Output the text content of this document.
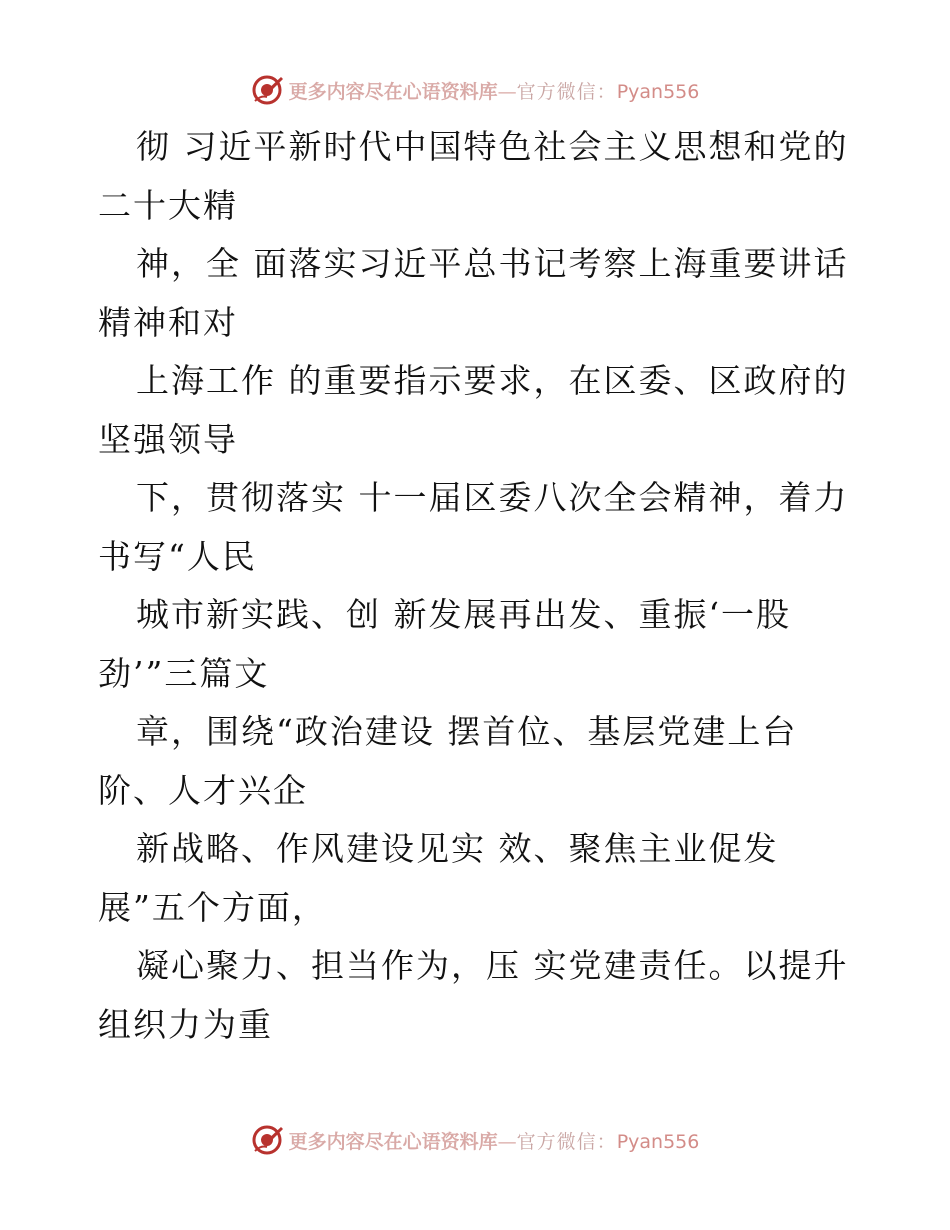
更多内容尽在心语资料库—官方微信：Pyan556
彻 习近平新时代中国特色社会主义思想和党的
二十大精
神，全 面落实习近平总书记考察上海重要讲话
精神和对
上海工作 的重要指示要求，在区委、区政府的
坚强领导
下，贯彻落实 十一届区委八次全会精神，着力
书写“人民
城市新实践、创 新发展再出发、重振‘一股
劲’”三篇文
章，围绕“政治建设 摆首位、基层党建上台
阶、人才兴企
新战略、作风建设见实 效、聚焦主业促发
展”五个方面，
凝心聚力、担当作为，压 实党建责任。以提升
组织力为重
更多内容尽在心语资料库—官方微信：Pyan556
